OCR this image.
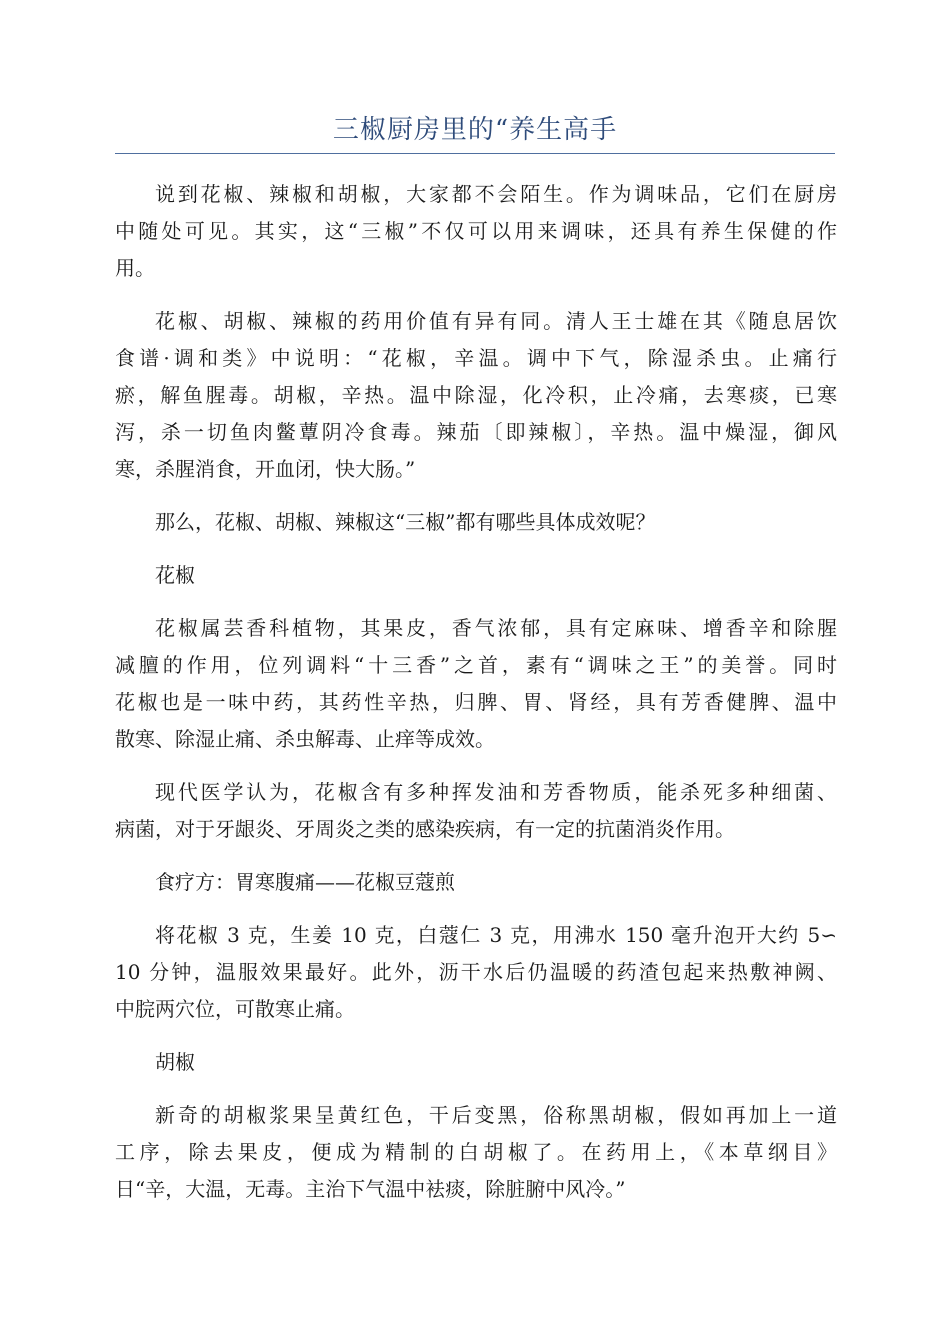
三椒厨房里的“养生高手
说到花椒、辣椒和胡椒，大家都不会陌生。作为调味品，它们在厨房
中随处可见。其实，这“三椒”不仅可以用来调味，还具有养生保健的作
用。
花椒、胡椒、辣椒的药用价值有异有同。清人王士雄在其《随息居饮
食谱·调和类》中说明：“花椒，辛温。调中下气，除湿杀虫。止痛行
瘀，解鱼腥毒。胡椒，辛热。温中除湿，化冷积，止冷痛，去寒痰，已寒
泻，杀一切鱼肉鳖蕈阴冷食毒。辣茄〔即辣椒〕，辛热。温中燥湿，御风
寒，杀腥消食，开血闭，快大肠。”
那么，花椒、胡椒、辣椒这“三椒”都有哪些具体成效呢？
花椒
花椒属芸香科植物，其果皮，香气浓郁，具有定麻味、增香辛和除腥
减膻的作用，位列调料“十三香”之首，素有“调味之王”的美誉。同时
花椒也是一味中药，其药性辛热，归脾、胃、肾经，具有芳香健脾、温中
散寒、除湿止痛、杀虫解毒、止痒等成效。
现代医学认为，花椒含有多种挥发油和芳香物质，能杀死多种细菌、
病菌，对于牙龈炎、牙周炎之类的感染疾病，有一定的抗菌消炎作用。
食疗方：胃寒腹痛——花椒豆蔻煎
将花椒 3 克，生姜 10 克，白蔻仁 3 克，用沸水 150 毫升泡开大约 5∽
10 分钟，温服效果最好。此外，沥干水后仍温暖的药渣包起来热敷神阙、
中脘两穴位，可散寒止痛。
胡椒
新奇的胡椒浆果呈黄红色，干后变黑，俗称黑胡椒，假如再加上一道
工序，除去果皮，便成为精制的白胡椒了。在药用上，《本草纲目》
日“辛，大温，无毒。主治下气温中袪痰，除脏腑中风冷。”
